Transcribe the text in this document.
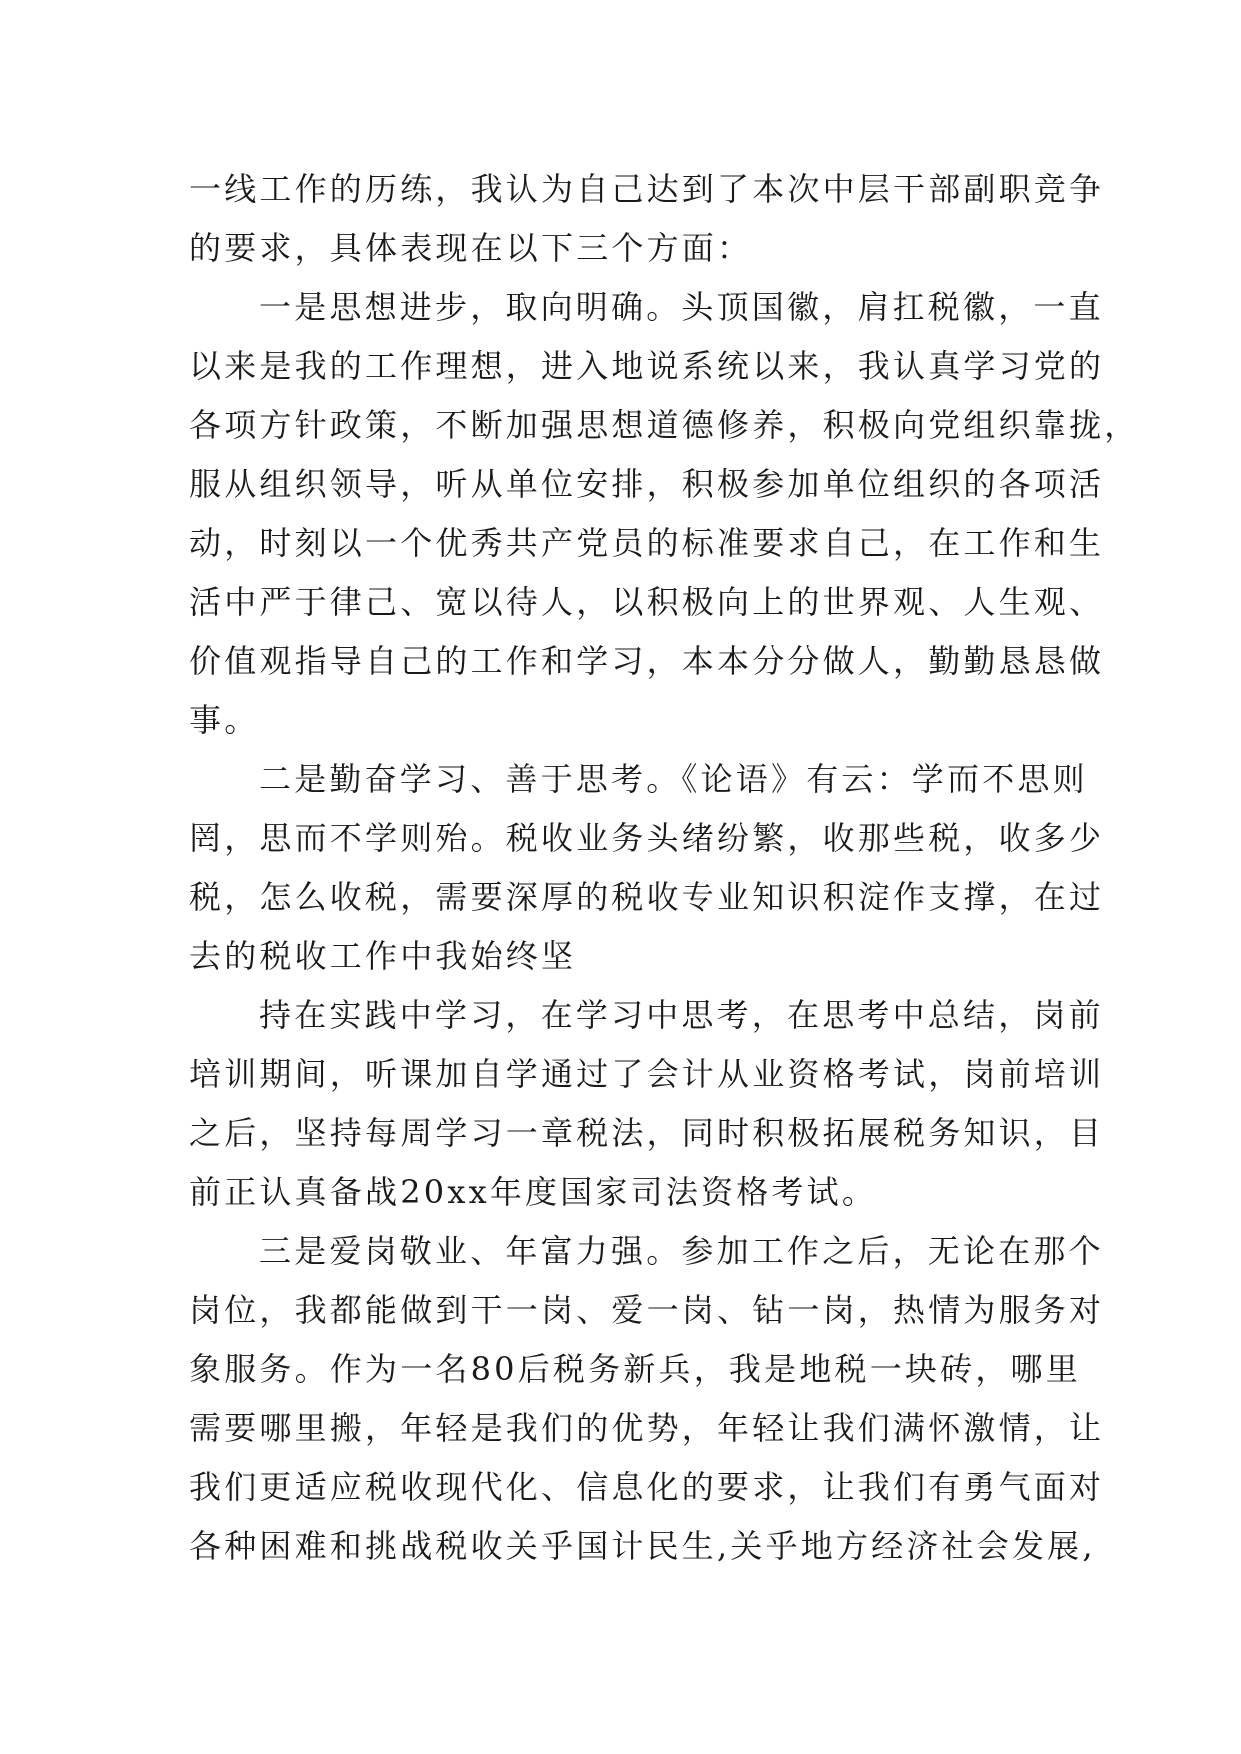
一线工作的历练，我认为自己达到了本次中层干部副职竞争
的要求，具体表现在以下三个方面：
一是思想进步，取向明确。头顶国徽，肩扛税徽，一直
以来是我的工作理想，进入地说系统以来，我认真学习党的
各项方针政策，不断加强思想道德修养，积极向党组织靠拢，
服从组织领导，听从单位安排，积极参加单位组织的各项活
动，时刻以一个优秀共产党员的标准要求自己，在工作和生
活中严于律己、宽以待人，以积极向上的世界观、人生观、
价值观指导自己的工作和学习，本本分分做人，勤勤恳恳做
事。
二是勤奋学习、善于思考。《论语》有云：学而不思则
罔，思而不学则殆。税收业务头绪纷繁，收那些税，收多少
税，怎么收税，需要深厚的税收专业知识积淀作支撑，在过
去的税收工作中我始终坚
持在实践中学习，在学习中思考，在思考中总结，岗前
培训期间，听课加自学通过了会计从业资格考试，岗前培训
之后，坚持每周学习一章税法，同时积极拓展税务知识，目
前正认真备战20xx年度国家司法资格考试。
三是爱岗敬业、年富力强。参加工作之后，无论在那个
岗位，我都能做到干一岗、爱一岗、钻一岗，热情为服务对
象服务。作为一名80后税务新兵，我是地税一块砖，哪里
需要哪里搬，年轻是我们的优势，年轻让我们满怀激情，让
我们更适应税收现代化、信息化的要求，让我们有勇气面对
各种困难和挑战税收关乎国计民生,关乎地方经济社会发展,
